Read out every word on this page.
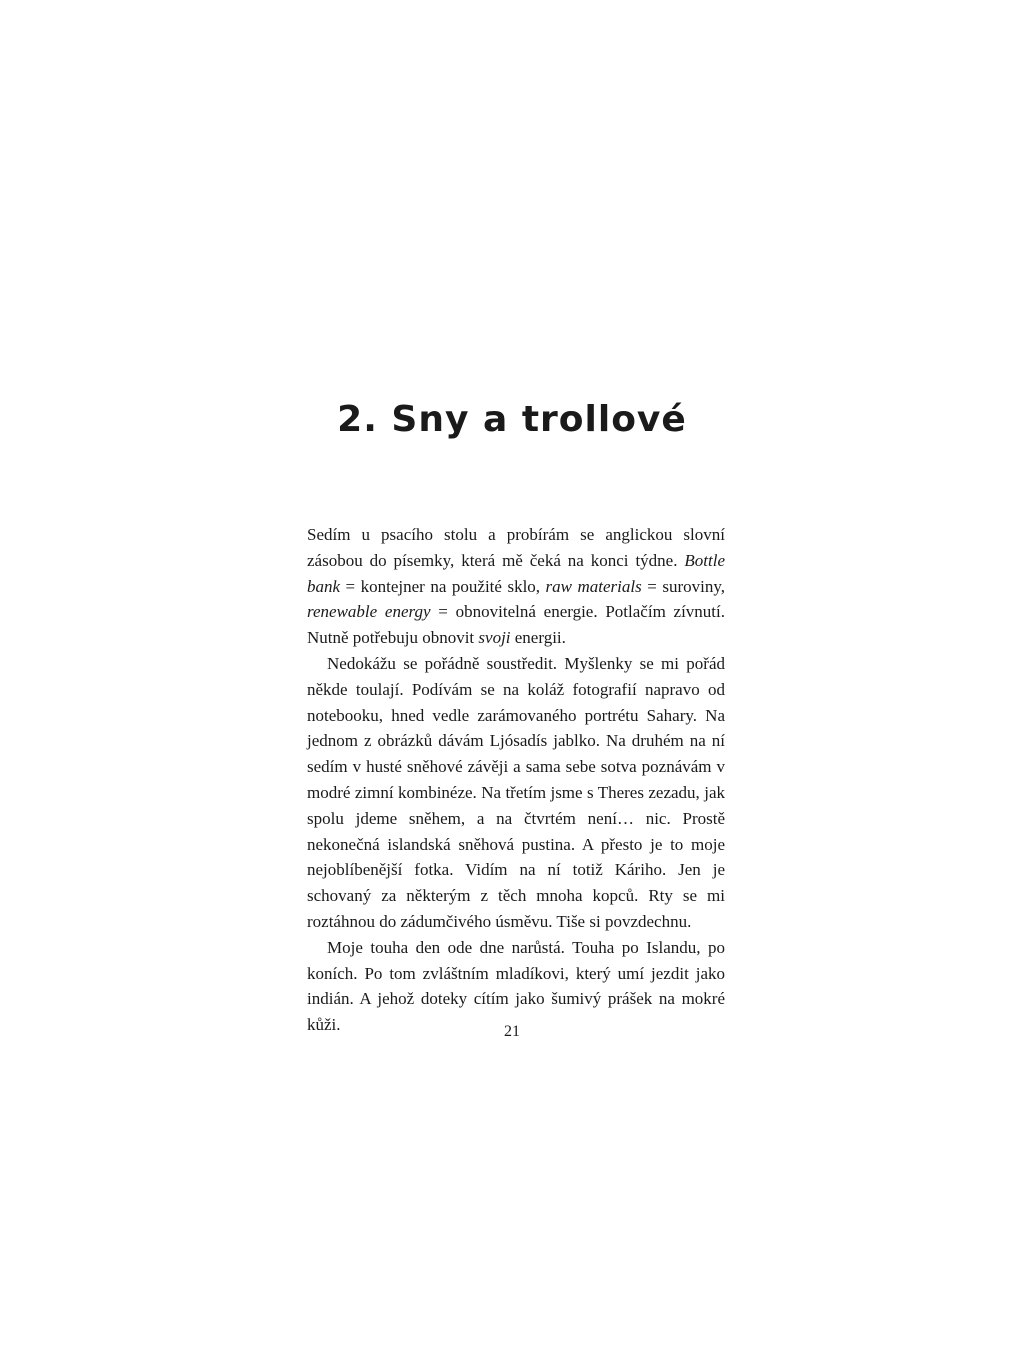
2. Sny a trollové

Sedím u psacího stolu a probírám se anglickou slovní zásobou do písemky, která mě čeká na konci týdne. Bottle bank = kontejner na použité sklo, raw materials = suroviny, renewable energy = obnovitelná energie. Potlačím zívnutí. Nutně potřebuju obnovit svoji energii.

Nedokážu se pořádně soustředit. Myšlenky se mi pořád někde toulají. Podívám se na koláž fotografií napravo od notebooku, hned vedle zarámovaného portrétu Sahary. Na jednom z obrázků dávám Ljósadís jablko. Na druhém na ní sedím v husté sněhové závěji a sama sebe sotva poznávám v modré zimní kombinéze. Na třetím jsme s Theres zezadu, jak spolu jdeme sněhem, a na čtvrtém není… nic. Prostě nekonečná islandská sněhová pustina. A přesto je to moje nejoblíbenější fotka. Vidím na ní totiž Káriho. Jen je schovaný za některým z těch mnoha kopců. Rty se mi roztáhnou do zádumčivého úsměvu. Tiše si povzdechnu.

Moje touha den ode dne narůstá. Touha po Islandu, po koních. Po tom zvláštním mladíkovi, který umí jezdit jako indián. A jehož doteky cítím jako šumivý prášek na mokré kůži.	21
